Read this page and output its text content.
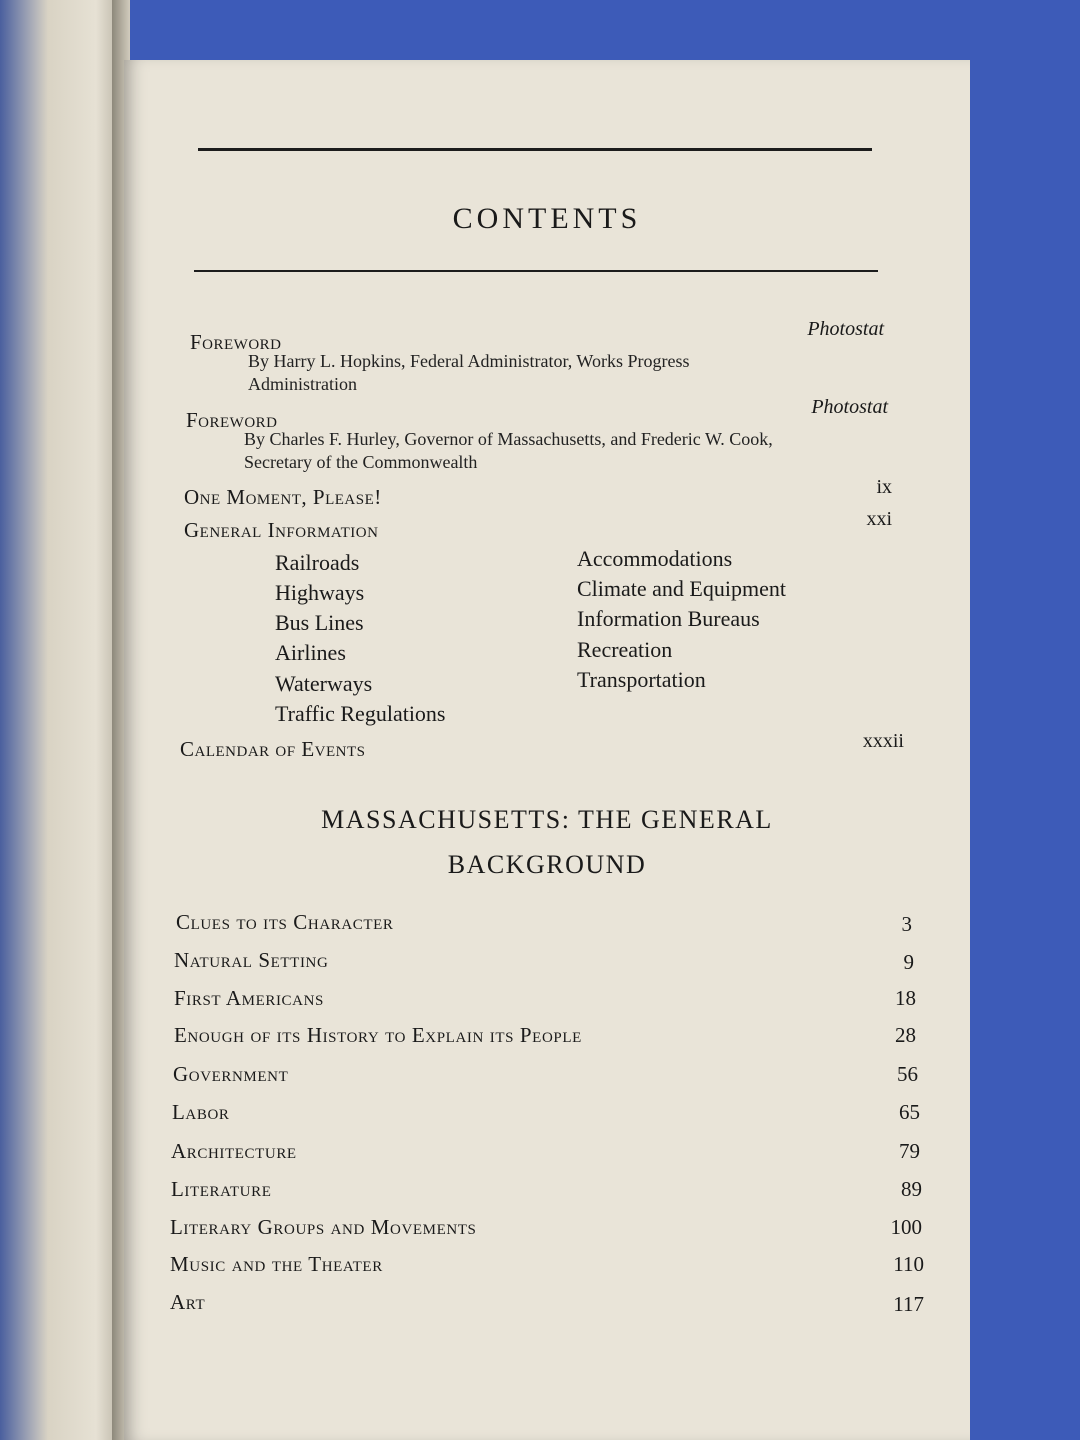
CONTENTS
Foreword
Photostat
By Harry L. Hopkins, Federal Administrator, Works Progress Administration
Foreword
Photostat
By Charles F. Hurley, Governor of Massachusetts, and Frederic W. Cook, Secretary of the Commonwealth
One Moment, Please!	ix
General Information	xxi
Railroads
Highways
Bus Lines
Airlines
Waterways
Traffic Regulations
Accommodations
Climate and Equipment
Information Bureaus
Recreation
Transportation
Calendar of Events	xxxii
MASSACHUSETTS: THE GENERAL
BACKGROUND
Clues to its Character	3
Natural Setting	9
First Americans	18
Enough of its History to Explain its People	28
Government	56
Labor	65
Architecture	79
Literature	89
Literary Groups and Movements	100
Music and the Theater	110
Art	117
